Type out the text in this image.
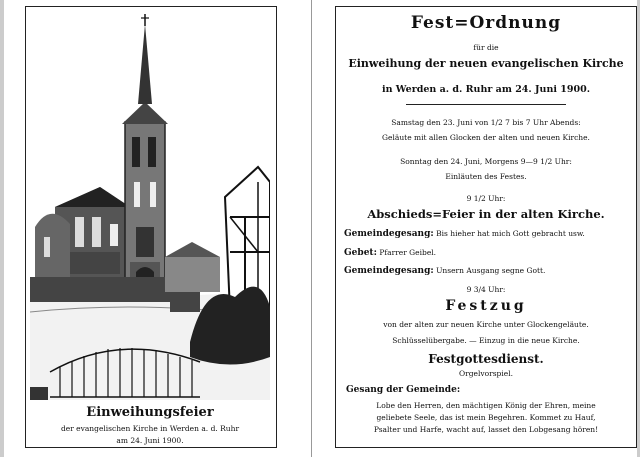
Einweihungsfeier
der evangelischen Kirche in Werden a. d. Ruhr
am 24. Juni 1900.
Fest=Ordnung
für die
Einweihung der neuen evangelischen Kirche
in Werden a. d. Ruhr am 24. Juni 1900.
Samstag den 23. Juni von 1/2 7 bis 7 Uhr Abends:
Geläute mit allen Glocken der alten und neuen Kirche.
Sonntag den 24. Juni, Morgens 9—9 1/2 Uhr:
Einläuten des Festes.
9 1/2 Uhr:
Abschieds=Feier in der alten Kirche.
Gemeindegesang: Bis hieher hat mich Gott gebracht usw.
Gebet: Pfarrer Geibel.
Gemeindegesang: Unsern Ausgang segne Gott.
9 3/4 Uhr:
Festzug
von der alten zur neuen Kirche unter Glockengeläute.
Schlüsselübergabe. — Einzug in die neue Kirche.
Festgottesdienst.
Orgelvorspiel.
Gesang der Gemeinde:
Lobe den Herren, den mächtigen König der Ehren, meine
geliebete Seele, das ist mein Begehren. Kommet zu Hauf,
Psalter und Harfe, wacht auf, lasset den Lobgesang hören!
